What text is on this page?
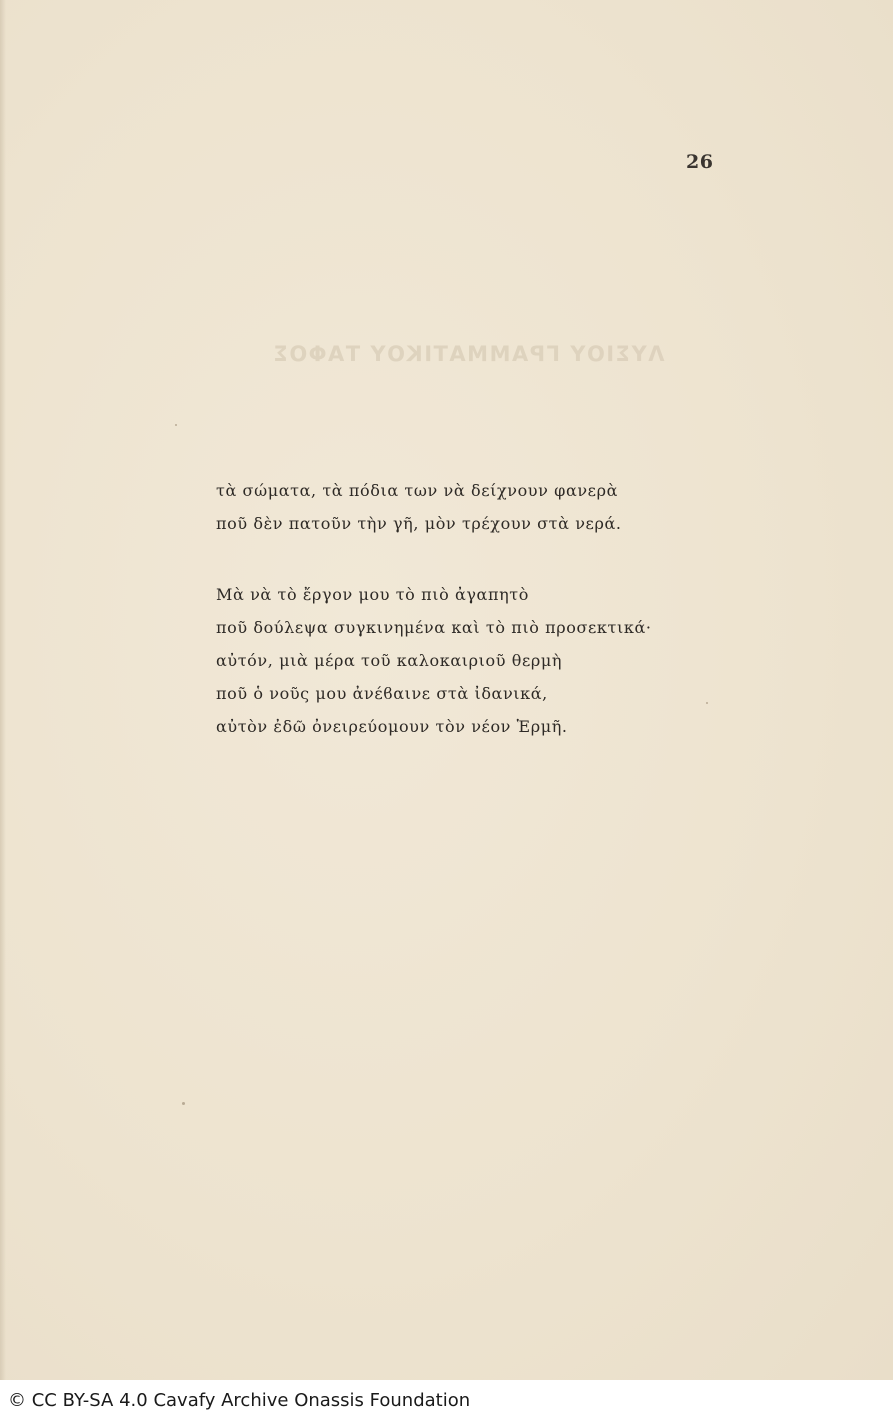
26
ΛΥΣΙΟΥ ΓΡΑΜΜΑΤΙΚΟΥ ΤΑΦΟΣ
τὰ σώματα, τὰ πόδια των νὰ δείχνουν φανερὰ
ποῦ δὲν πατοῦν τὴν γῆ, μὸν τρέχουν στὰ νερά.
Μὰ νὰ τὸ ἔργον μου τὸ πιὸ ἀγαπητὸ
ποῦ δούλεψα συγκινημένα καὶ τὸ πιὸ προσεκτικά·
αὐτόν, μιὰ μέρα τοῦ καλοκαιριοῦ θερμὴ
ποῦ ὁ νοῦς μου ἀνέϐαινε στὰ ἰδανικά,
αὐτὸν ἐδῶ ὀνειρεύομουν τὸν νέον Ἑρμῆ.
© CC BY-SA 4.0 Cavafy Archive Onassis Foundation
